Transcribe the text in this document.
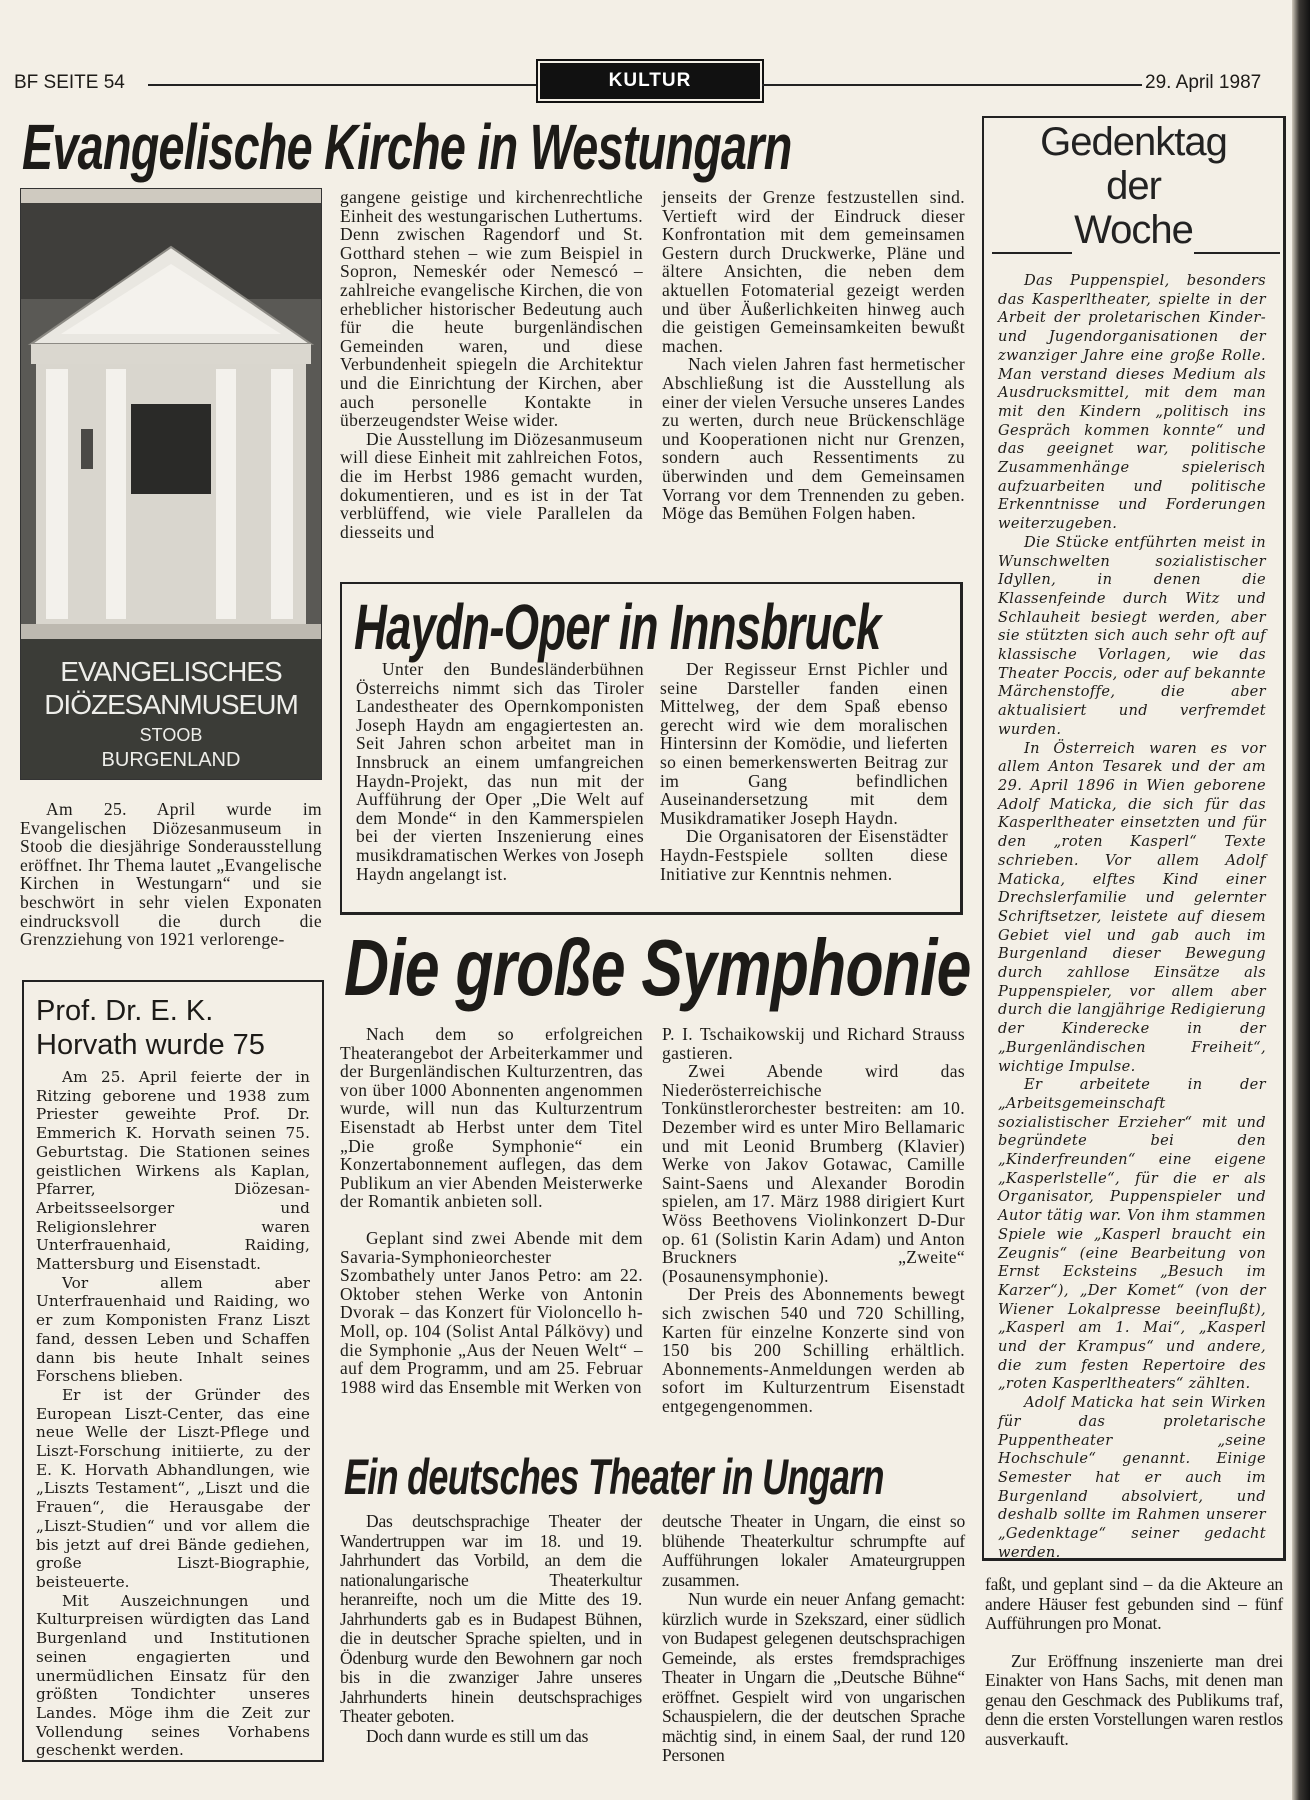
BF SEITE 54	KULTUR	29. April 1987
Evangelische Kirche in Westungarn
EVANGELISCHES
DIÖZESANMUSEUM
STOOB
BURGENLAND

Am 25. April wurde im Evangelischen Diözesanmuseum in Stoob die diesjährige Sonderausstellung eröffnet. Ihr Thema lautet „Evangelische Kirchen in Westungarn“ und sie beschwört in sehr vielen Exponaten eindrucksvoll die durch die Grenzziehung von 1921 verlorenge-

gangene geistige und kirchenrechtliche Einheit des westungarischen Luthertums. Denn zwischen Ragendorf und St. Gotthard stehen – wie zum Beispiel in Sopron, Nemeskér oder Nemescó – zahlreiche evangelische Kirchen, die von erheblicher historischer Bedeutung auch für die heute burgenländischen Gemeinden waren, und diese Verbundenheit spiegeln die Architektur und die Einrichtung der Kirchen, aber auch personelle Kontakte in überzeugendster Weise wider.

Die Ausstellung im Diözesanmuseum will diese Einheit mit zahlreichen Fotos, die im Herbst 1986 gemacht wurden, dokumentieren, und es ist in der Tat verblüffend, wie viele Parallelen da diesseits und

jenseits der Grenze festzustellen sind. Vertieft wird der Eindruck dieser Konfrontation mit dem gemeinsamen Gestern durch Druckwerke, Pläne und ältere Ansichten, die neben dem aktuellen Fotomaterial gezeigt werden und über Äußerlichkeiten hinweg auch die geistigen Gemeinsamkeiten bewußt machen.

Nach vielen Jahren fast hermetischer Abschließung ist die Ausstellung als einer der vielen Versuche unseres Landes zu werten, durch neue Brückenschläge und Kooperationen nicht nur Grenzen, sondern auch Ressentiments zu überwinden und dem Gemeinsamen Vorrang vor dem Trennenden zu geben. Möge das Bemühen Folgen haben.

Prof. Dr. E. K. Horvath wurde 75

Am 25. April feierte der in Ritzing geborene und 1938 zum Priester geweihte Prof. Dr. Emmerich K. Horvath seinen 75. Geburtstag. Die Stationen seines geistlichen Wirkens als Kaplan, Pfarrer, Diözesan-Arbeitsseelsorger und Religionslehrer waren Unterfrauenhaid, Raiding, Mattersburg und Eisenstadt.

Vor allem aber Unterfrauenhaid und Raiding, wo er zum Komponisten Franz Liszt fand, dessen Leben und Schaffen dann bis heute Inhalt seines Forschens blieben.

Er ist der Gründer des European Liszt-Center, das eine neue Welle der Liszt-Pflege und Liszt-Forschung initiierte, zu der E. K. Horvath Abhandlungen, wie „Liszts Testament“, „Liszt und die Frauen“, die Herausgabe der „Liszt-Studien“ und vor allem die bis jetzt auf drei Bände gediehen, große Liszt-Biographie, beisteuerte.

Mit Auszeichnungen und Kulturpreisen würdigten das Land Burgenland und Institutionen seinen engagierten und unermüdlichen Einsatz für den größten Tondichter unseres Landes. Möge ihm die Zeit zur Vollendung seines Vorhabens geschenkt werden.

Haydn-Oper in Innsbruck

Unter den Bundesländerbühnen Österreichs nimmt sich das Tiroler Landestheater des Opernkomponisten Joseph Haydn am engagiertesten an. Seit Jahren schon arbeitet man in Innsbruck an einem umfangreichen Haydn-Projekt, das nun mit der Aufführung der Oper „Die Welt auf dem Monde“ in den Kammerspielen bei der vierten Inszenierung eines musikdramatischen Werkes von Joseph Haydn angelangt ist.

Der Regisseur Ernst Pichler und seine Darsteller fanden einen Mittelweg, der dem Spaß ebenso gerecht wird wie dem moralischen Hintersinn der Komödie, und lieferten so einen bemerkenswerten Beitrag zur im Gang befindlichen Auseinandersetzung mit dem Musikdramatiker Joseph Haydn.

Die Organisatoren der Eisenstädter Haydn-Festspiele sollten diese Initiative zur Kenntnis nehmen.

Die große Symphonie

Nach dem so erfolgreichen Theaterangebot der Arbeiterkammer und der Burgenländischen Kulturzentren, das von über 1000 Abonnenten angenommen wurde, will nun das Kulturzentrum Eisenstadt ab Herbst unter dem Titel „Die große Symphonie“ ein Konzertabonnement auflegen, das dem Publikum an vier Abenden Meisterwerke der Romantik anbieten soll.

Geplant sind zwei Abende mit dem Savaria-Symphonieorchester Szombathely unter Janos Petro: am 22. Oktober stehen Werke von Antonin Dvorak – das Konzert für Violoncello h-Moll, op. 104 (Solist Antal Pálkövy) und die Symphonie „Aus der Neuen Welt“ – auf dem Programm, und am 25. Februar 1988 wird das Ensemble mit Werken von

P. I. Tschaikowskij und Richard Strauss gastieren.

Zwei Abende wird das Niederösterreichische Tonkünstlerorchester bestreiten: am 10. Dezember wird es unter Miro Bellamaric und mit Leonid Brumberg (Klavier) Werke von Jakov Gotawac, Camille Saint-Saens und Alexander Borodin spielen, am 17. März 1988 dirigiert Kurt Wöss Beethovens Violinkonzert D-Dur op. 61 (Solistin Karin Adam) und Anton Bruckners „Zweite“ (Posaunensymphonie).

Der Preis des Abonnements bewegt sich zwischen 540 und 720 Schilling, Karten für einzelne Konzerte sind von 150 bis 200 Schilling erhältlich. Abonnements-Anmeldungen werden ab sofort im Kulturzentrum Eisenstadt entgegengenommen.

Ein deutsches Theater in Ungarn

Das deutschsprachige Theater der Wandertruppen war im 18. und 19. Jahrhundert das Vorbild, an dem die nationalungarische Theaterkultur heranreifte, noch um die Mitte des 19. Jahrhunderts gab es in Budapest Bühnen, die in deutscher Sprache spielten, und in Ödenburg wurde den Bewohnern gar noch bis in die zwanziger Jahre unseres Jahrhunderts hinein deutschsprachiges Theater geboten.

Doch dann wurde es still um das

deutsche Theater in Ungarn, die einst so blühende Theaterkultur schrumpfte auf Aufführungen lokaler Amateurgruppen zusammen.

Nun wurde ein neuer Anfang gemacht: kürzlich wurde in Szekszard, einer südlich von Budapest gelegenen deutschsprachigen Gemeinde, als erstes fremdsprachiges Theater in Ungarn die „Deutsche Bühne“ eröffnet. Gespielt wird von ungarischen Schauspielern, die der deutschen Sprache mächtig sind, in einem Saal, der rund 120 Personen

faßt, und geplant sind – da die Akteure an andere Häuser fest gebunden sind – fünf Aufführungen pro Monat.

Zur Eröffnung inszenierte man drei Einakter von Hans Sachs, mit denen man genau den Geschmack des Publikums traf, denn die ersten Vorstellungen waren restlos ausverkauft.

Gedenktag
der
Woche

Das Puppenspiel, besonders das Kasperltheater, spielte in der Arbeit der proletarischen Kinder- und Jugendorganisationen der zwanziger Jahre eine große Rolle. Man verstand dieses Medium als Ausdrucksmittel, mit dem man mit den Kindern „politisch ins Gespräch kommen konnte“ und das geeignet war, politische Zusammenhänge spielerisch aufzuarbeiten und politische Erkenntnisse und Forderungen weiterzugeben.

Die Stücke entführten meist in Wunschwelten sozialistischer Idyllen, in denen die Klassenfeinde durch Witz und Schlauheit besiegt werden, aber sie stützten sich auch sehr oft auf klassische Vorlagen, wie das Theater Poccis, oder auf bekannte Märchenstoffe, die aber aktualisiert und verfremdet wurden.

In Österreich waren es vor allem Anton Tesarek und der am 29. April 1896 in Wien geborene Adolf Maticka, die sich für das Kasperltheater einsetzten und für den „roten Kasperl“ Texte schrieben. Vor allem Adolf Maticka, elftes Kind einer Drechslerfamilie und gelernter Schriftsetzer, leistete auf diesem Gebiet viel und gab auch im Burgenland dieser Bewegung durch zahllose Einsätze als Puppenspieler, vor allem aber durch die langjährige Redigierung der Kinderecke in der „Burgenländischen Freiheit“, wichtige Impulse.

Er arbeitete in der „Arbeitsgemeinschaft sozialistischer Erzieher“ mit und begründete bei den „Kinderfreunden“ eine eigene „Kasperlstelle“, für die er als Organisator, Puppenspieler und Autor tätig war. Von ihm stammen Spiele wie „Kasperl braucht ein Zeugnis“ (eine Bearbeitung von Ernst Ecksteins „Besuch im Karzer“), „Der Komet“ (von der Wiener Lokalpresse beeinflußt), „Kasperl am 1. Mai“, „Kasperl und der Krampus“ und andere, die zum festen Repertoire des „roten Kasperltheaters“ zählten.

Adolf Maticka hat sein Wirken für das proletarische Puppentheater „seine Hochschule“ genannt. Einige Semester hat er auch im Burgenland absolviert, und deshalb sollte im Rahmen unserer „Gedenktage“ seiner gedacht werden.
